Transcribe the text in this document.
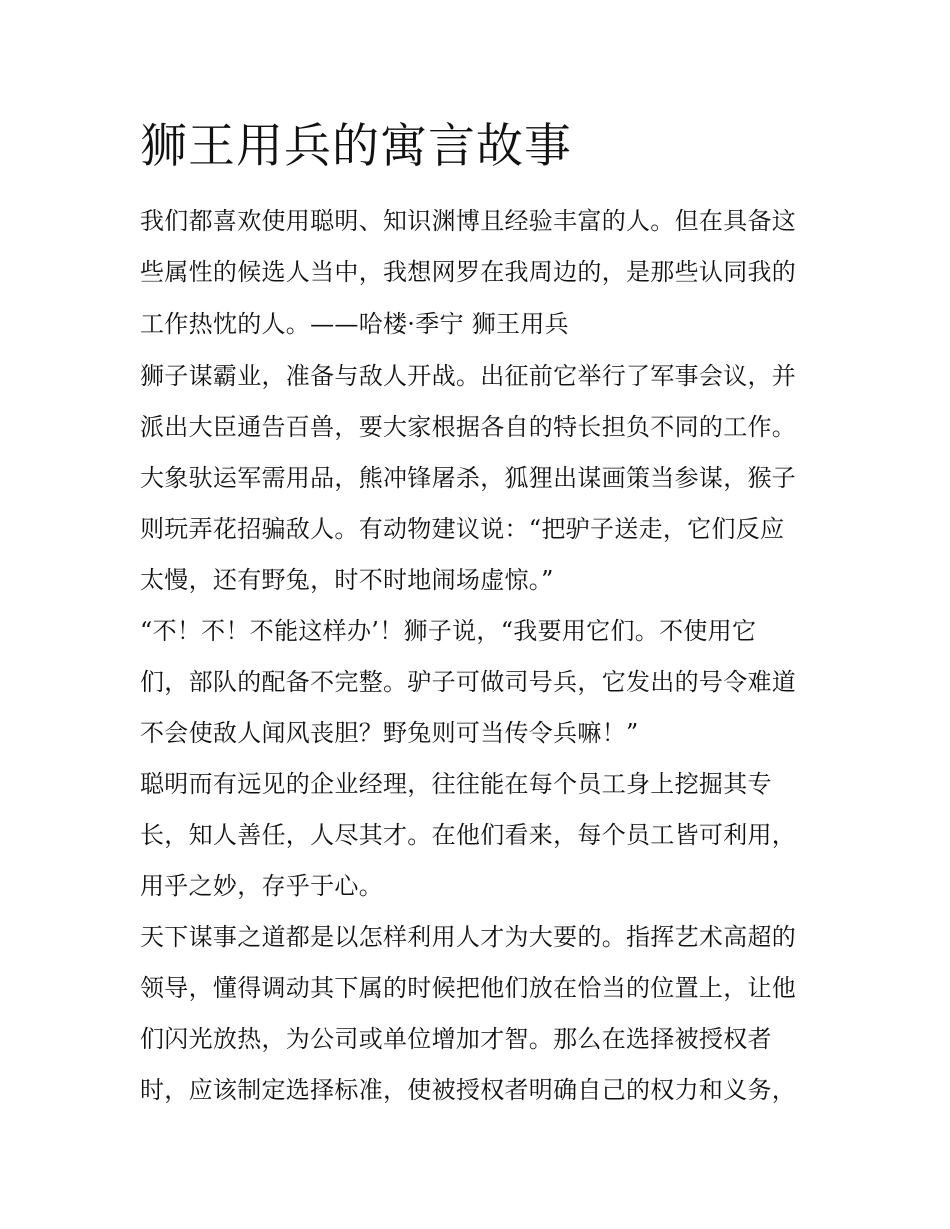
狮王用兵的寓言故事

我们都喜欢使用聪明、知识渊博且经验丰富的人。但在具备这

些属性的候选人当中，我想网罗在我周边的，是那些认同我的

工作热忱的人。——哈楼·季宁 狮王用兵

狮子谋霸业，准备与敌人开战。出征前它举行了军事会议，并

派出大臣通告百兽，要大家根据各自的特长担负不同的工作。

大象驮运军需用品，熊冲锋屠杀，狐狸出谋画策当参谋，猴子

则玩弄花招骗敌人。有动物建议说：“把驴子送走，它们反应

太慢，还有野兔，时不时地闹场虚惊。”

“不！不！不能这样办’！狮子说，“我要用它们。不使用它

们，部队的配备不完整。驴子可做司号兵，它发出的号令难道

不会使敌人闻风丧胆？野兔则可当传令兵嘛！”

聪明而有远见的企业经理，往往能在每个员工身上挖掘其专

长，知人善任，人尽其才。在他们看来，每个员工皆可利用，

用乎之妙，存乎于心。

天下谋事之道都是以怎样利用人才为大要的。指挥艺术高超的

领导，懂得调动其下属的时候把他们放在恰当的位置上，让他

们闪光放热，为公司或单位增加才智。那么在选择被授权者

时，应该制定选择标准，使被授权者明确自己的权力和义务，
